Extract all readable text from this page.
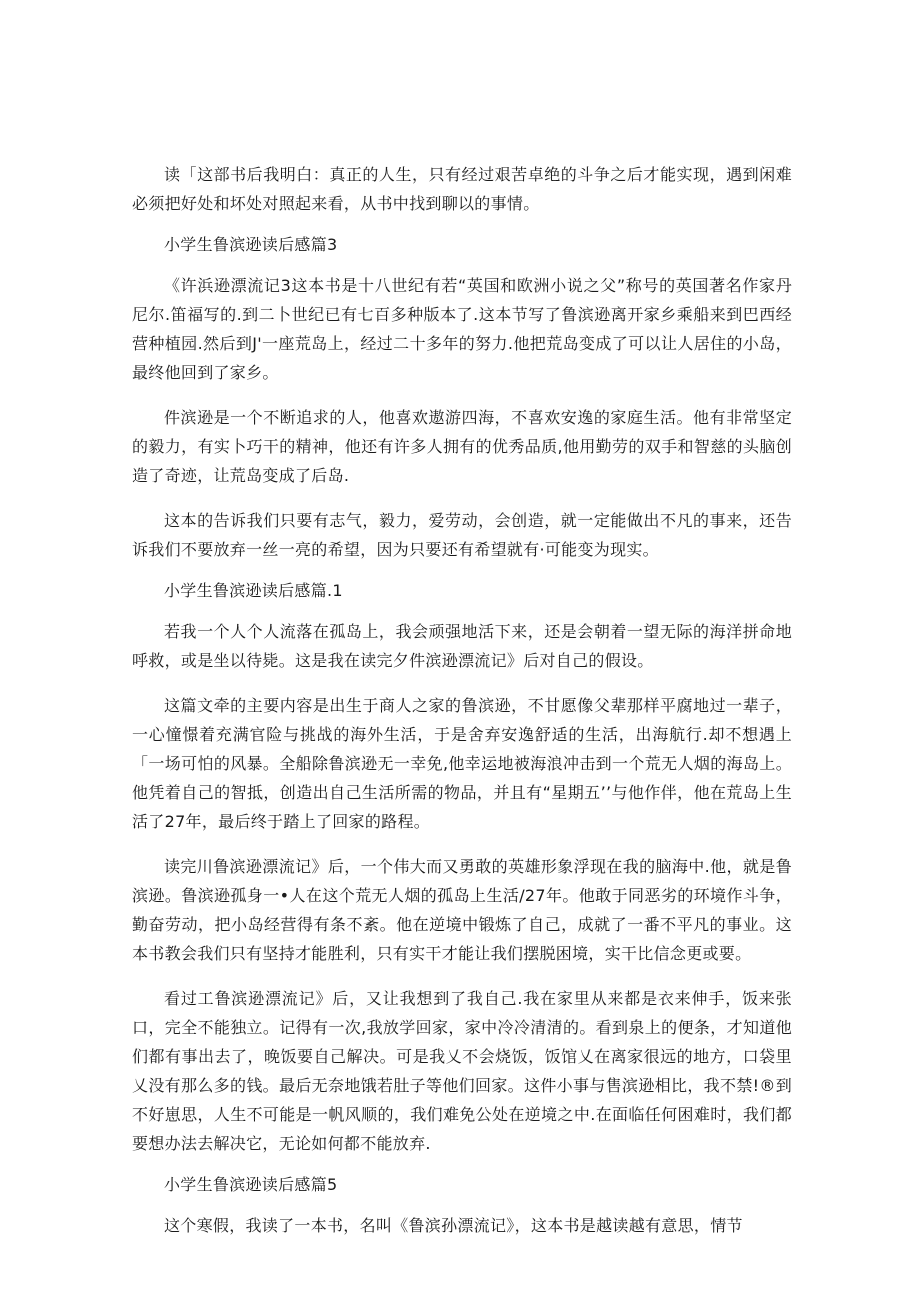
读「这部书后我明白：真正的人生，只有经过艰苦卓绝的斗争之后才能实现，遇到闲难必须把好处和坏处对照起来看，从书中找到聊以的事情。

小学生鲁滨逊读后感篇3

《许浜逊漂流记3这本书是十八世纪有若“英国和欧洲小说之父”称号的英国著名作家丹尼尔.笛福写的.到二卜世纪已有七百多种版本了.这本节写了鲁滨逊离开家乡乘船来到巴西经营种植园.然后到J'一座荒岛上，经过二十多年的努力.他把荒岛变成了可以让人居住的小岛，最终他回到了家乡。

件滨逊是一个不断追求的人，他喜欢遨游四海，不喜欢安逸的家庭生活。他有非常坚定的毅力，有实卜巧干的精神，他还有许多人拥有的优秀品质,他用勤劳的双手和智慈的头脑创造了奇迹，让荒岛变成了后岛.

这本的告诉我们只要有志气，毅力，爱劳动，会创造，就一定能做出不凡的事来，还告诉我们不要放弃一丝一亮的希望，因为只要还有希望就有·可能变为现实。

小学生鲁滨逊读后感篇.1

若我一个人个人流落在孤岛上，我会顽强地活下来，还是会朝着一望无际的海洋拼命地呼救，或是坐以待毙。这是我在读完夕件滨逊漂流记》后对自己的假设。

这篇文牵的主要内容是出生于商人之家的鲁滨逊，不甘愿像父辈那样平腐地过一辈子，一心憧憬着充满官险与挑战的海外生活，于是舍弃安逸舒适的生活，出海航行.却不想遇上「一场可怕的风暴。全船除鲁滨逊无一幸免,他幸运地被海浪冲击到一个荒无人烟的海岛上。他凭着自己的智抵，创造出自己生活所需的物品，并且有“星期五’’与他作伴，他在荒岛上生活了27年，最后终于踏上了回家的路程。

读完川鲁滨逊漂流记》后，一个伟大而又勇敢的英雄形象浮现在我的脑海中.他，就是鲁滨逊。鲁滨逊孤身一•人在这个荒无人烟的孤岛上生活/27年。他敢于同恶劣的环境作斗争，勤奋劳动，把小岛经营得有条不紊。他在逆境中锻炼了自己，成就了一番不平凡的事业。这本书教会我们只有坚持才能胜利，只有实干才能让我们摆脱困境，实干比信念更或要。

看过工鲁滨逊漂流记》后，又让我想到了我自己.我在家里从来都是衣来伸手，饭来张口，完全不能独立。记得有一次,我放学回家，家中冷冷清清的。看到泉上的便条，才知道他们都有事出去了，晚饭要自己解决。可是我乂不会烧饭，饭馆乂在离家很远的地方，口袋里乂没有那么多的钱。最后无奈地饿若肚子等他们回家。这件小事与售滨逊相比，我不禁!®到不好崽思，人生不可能是一帆风顺的，我们难免公处在逆境之中.在面临任何困难时，我们都要想办法去解决它，无论如何都不能放弃.

小学生鲁滨逊读后感篇5

这个寒假，我读了一本书，名叫《鲁滨孙漂流记》，这本书是越读越有意思，情节
